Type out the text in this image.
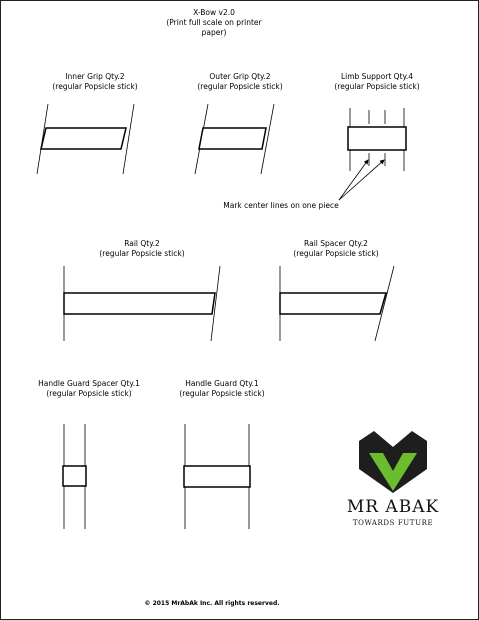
X-Bow v2.0
(Print full scale on printer
paper)
Inner Grip Qty.2
(regular Popsicle stick)
Outer Grip Qty.2
(regular Popsicle stick)
Limb Support Qty.4
(regular Popsicle stick)
Mark center lines on one piece
Rail Qty.2
(regular Popsicle stick)
Rail Spacer Qty.2
(regular Popsicle stick)
Handle Guard Spacer Qty.1
(regular Popsicle stick)
Handle Guard Qty.1
(regular Popsicle stick)
MR ABAK
TOWARDS FUTURE
© 2015 MrAbAk Inc. All rights reserved.
